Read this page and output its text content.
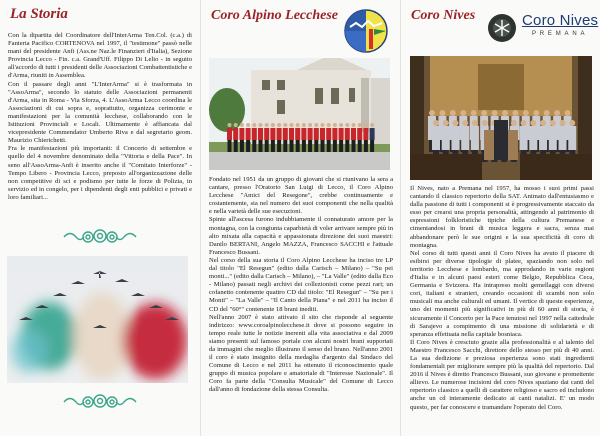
La Storia

Con la dipartita del Coordinatore dell'InterArma Ten.Col. (c.a.) di Fanteria Pacifico CORTENOVA nel 1997, il "testimone" passò nelle mani del presidente Anfi (Ass.ne Naz.le Finanzieri d'Italia), Sezione Provincia Lecco - Fin. c.a. Grand'Uff. Filippo Di Lelio - in seguito all'accordo di tutti i presidenti delle Associazioni Combattentistiche e d'Arma, riuniti in Assemblea.

Con il passare degli anni "L'InterArma" si è trasformata in "AssoArma", secondo lo statuto delle Associazioni permanenti d'Arma, sita in Roma - Via Sforza, 4. L'AssoArma Lecco coordina le Associazioni di cui sopra e, soprattutto, organizza cerimonie e manifestazioni per la comunità lecchese, collaborando con le Istituzioni Provinciali e Locali. Ultimamente è affiancata dal vicepresidente Commendator Umberto Riva e dal segretario geom. Maurizio Chierichetti.

Fra le manifestazioni più importanti: il Concerto di settembre e quello del 4 novembre denominato della "Vittoria e della Pace". In seno all'AssoArma-Anfi è inserito anche il "Comitato Interforze" - Tempo Libero - Provincia Lecco, preposto all'organizzazione delle non competitive di sci e podismo per tutte le forze di Polizia, in servizio ed in congelo, per i dipendenti degli enti pubblici e privati e loro familiari...

Coro Alpino Lecchese

Fondato nel 1951 da un gruppo di giovani che si riunivano la sera a cantare, presso l'Oratorio San Luigi di Lecco, il Coro Alpino Lecchese "Amici del Resegone", crebbe continuamente e costantemente, sia nel numero dei suoi componenti che nella qualità e nella varietà delle sue esecuzioni.

Spinte all'ascesa furono indubbiamente il connaturato amore per la montagna, con la congiunta caparbietà di voler arrivare sempre più in alto mixata alla capacità e appassionata direzione dei suoi maestri: Danilo BERTANI, Angelo MAZZA, Francesco SACCHI e l'attuale Francesco Bussani.

Nel corso della sua storia il Coro Alpino Lecchese ha inciso tre LP dal titolo "El Resegun" (edito dalla Carisch – Milano) – "Su pei monti..." (edito dalla Carisch – Milano), – "La Valle" (edito dalla Eco - Milano) passati negli archivi dei collezionisti come pezzi rari; un cofanetto contenente quattro CD dal titolo: "El Resegun" – "Su per i Monti" – "La Valle" – "Il Canto della Piana" e nel 2011 ha inciso il CD del "60°" contenente 18 brani inediti.

Nell'anno 2007 è stato attivato il sito che risponde al seguente indirizzo: www.coroalpinolecchese.it dove si possono seguire in tempo reale tutte le notizie inerenti alla vita associativa e dal 2009 siamo presenti sul famoso portale con alcuni nostri brani supportati da immagini che meglio illustrano il senso del brano. Nell'anno 2001 il coro è stato insignito della medaglia d'argento dal Sindaco del Comune di Lecco e nel 2011 ha ottenuto il riconoscimento quale gruppo di musica popolare e amatoriale di "Interesse Nazionale". Il Coro fa parte della "Consulta Musicale" del Comune di Lecco dall'anno di fondazione della stessa Consulta.

Coro Nives	Coro Nives
PREMANA

Il Nives, nato a Premana nel 1957, ha mosso i suoi primi passi cantando il classico repertorio della SAT. Animato dall'entusiasmo e dalla passione di tutti i componenti si è progressivamente staccato da esso per crearsi una propria personalità, attingendo al patrimonio di espressioni folkloristiche tipiche della cultura Premanese e cimentandosi in brani di musica leggera e sacra, senza mai abbandonare però le sue origini e la sua specificità di coro di montagna.

Nel corso di tutti questi anni il Coro Nives ha avuto il piacere di esibirsi per diverse tipologie di platee, spaziando non solo nel territorio Lecchese e lombardo, ma approdando in varie regioni d'Italia e in alcuni paesi esteri come Belgio, Repubblica Ceca, Germania e Svizzera. Ha intrapreso molti gemellaggi con diversi cori, italiani e stranieri, creando occasioni di scambi non solo musicali ma anche culturali ed umani. Il vertice di queste esperienze, uno dei momenti più significativi in più di 60 anni di storia, è sicuramente il Concerto per la Pace tenutosi nel 1997 nella cattedrale di Sarajevo a compimento di una missione di solidarietà e di speranza effettuata nella capitale bosniaca.

Il Coro Nives è cresciuto grazie alla professionalità e al talento del Maestro Francesco Sacchi, direttore dello stesso per più di 40 anni. La sua dedizione e preziosa esperienza sono stati ingredienti fondamentali per migliorare sempre più la qualità del repertorio. Dal 2016 il Nives è diretto Francesco Bussani, suo giovane e promettente allievo. Le numerose incisioni del coro Nives spaziano dai canti del repertorio classico a quelli di carattere religioso e sacro ed includono anche un cd interamente dedicato ai canti natalizi. E' un modo questo, per far conoscere e tramandare l'operato del Coro.
